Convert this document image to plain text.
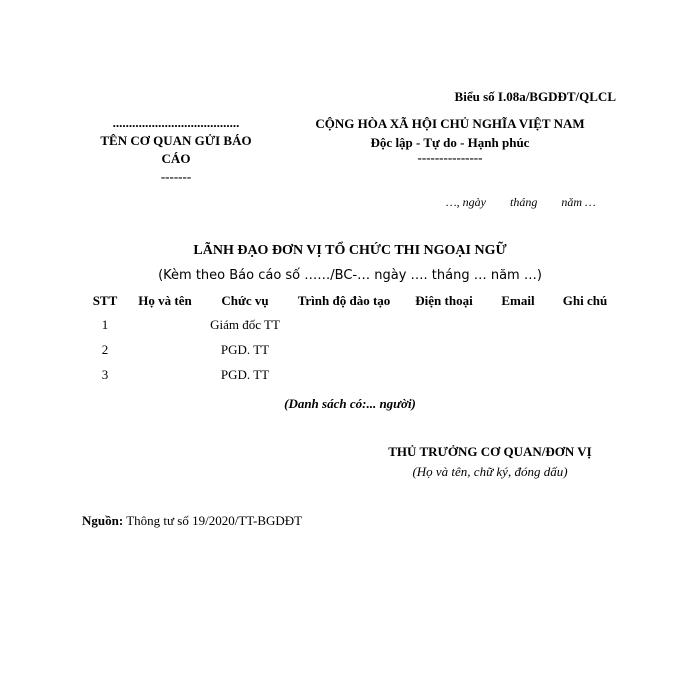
Biểu số I.08a/BGDĐT/QLCL
.......................................
TÊN CƠ QUAN GỬI BÁO
CÁO
-------
CỘNG HÒA XÃ HỘI CHỦ NGHĨA VIỆT NAM
Độc lập - Tự do - Hạnh phúc
---------------
…, ngày        tháng        năm …
LÃNH ĐẠO ĐƠN VỊ TỔ CHỨC THI NGOẠI NGỮ
(Kèm theo Báo cáo số ……/BC-… ngày …. tháng … năm …)
STT	Họ và tên	Chức vụ	Trình độ đào tạo	Điện thoại	Email	Ghi chú
1		Giám đốc TT				
2		PGD. TT				
3		PGD. TT				
(Danh sách có:... người)
THỦ TRƯỞNG CƠ QUAN/ĐƠN VỊ
(Họ và tên, chữ ký, đóng dấu)
Nguồn: Thông tư số 19/2020/TT-BGDĐT
